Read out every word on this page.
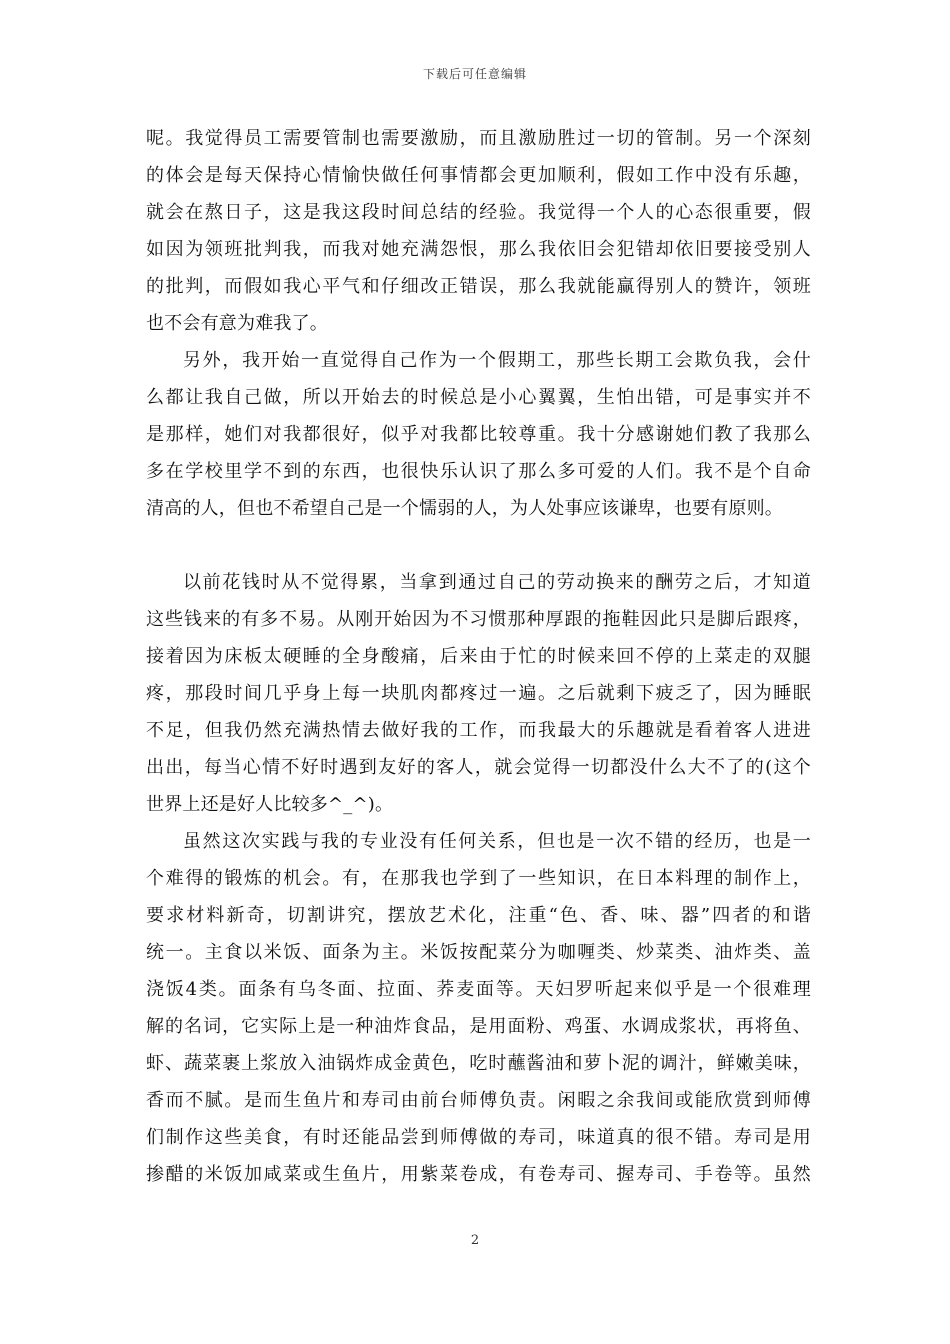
下载后可任意编辑
呢。我觉得员工需要管制也需要激励，而且激励胜过一切的管制。另一个深刻
的体会是每天保持心情愉快做任何事情都会更加顺利，假如工作中没有乐趣，
就会在熬日子，这是我这段时间总结的经验。我觉得一个人的心态很重要，假
如因为领班批判我，而我对她充满怨恨，那么我依旧会犯错却依旧要接受别人
的批判，而假如我心平气和仔细改正错误，那么我就能赢得别人的赞许，领班
也不会有意为难我了。
另外，我开始一直觉得自己作为一个假期工，那些长期工会欺负我，会什
么都让我自己做，所以开始去的时候总是小心翼翼，生怕出错，可是事实并不
是那样，她们对我都很好，似乎对我都比较尊重。我十分感谢她们教了我那么
多在学校里学不到的东西，也很快乐认识了那么多可爱的人们。我不是个自命
清高的人，但也不希望自己是一个懦弱的人，为人处事应该谦卑，也要有原则。
以前花钱时从不觉得累，当拿到通过自己的劳动换来的酬劳之后，才知道
这些钱来的有多不易。从刚开始因为不习惯那种厚跟的拖鞋因此只是脚后跟疼，
接着因为床板太硬睡的全身酸痛，后来由于忙的时候来回不停的上菜走的双腿
疼，那段时间几乎身上每一块肌肉都疼过一遍。之后就剩下疲乏了，因为睡眠
不足，但我仍然充满热情去做好我的工作，而我最大的乐趣就是看着客人进进
出出，每当心情不好时遇到友好的客人，就会觉得一切都没什么大不了的(这个
世界上还是好人比较多^_^)。
虽然这次实践与我的专业没有任何关系，但也是一次不错的经历，也是一
个难得的锻炼的机会。有，在那我也学到了一些知识，在日本料理的制作上，
要求材料新奇，切割讲究，摆放艺术化，注重“色、香、味、器”四者的和谐
统一。主食以米饭、面条为主。米饭按配菜分为咖喱类、炒菜类、油炸类、盖
浇饭4类。面条有乌冬面、拉面、荞麦面等。天妇罗听起来似乎是一个很难理
解的名词，它实际上是一种油炸食品，是用面粉、鸡蛋、水调成浆状，再将鱼、
虾、蔬菜裹上浆放入油锅炸成金黄色，吃时蘸酱油和萝卜泥的调汁，鲜嫩美味，
香而不腻。是而生鱼片和寿司由前台师傅负责。闲暇之余我间或能欣赏到师傅
们制作这些美食，有时还能品尝到师傅做的寿司，味道真的很不错。寿司是用
掺醋的米饭加咸菜或生鱼片，用紫菜卷成，有卷寿司、握寿司、手卷等。虽然
2
